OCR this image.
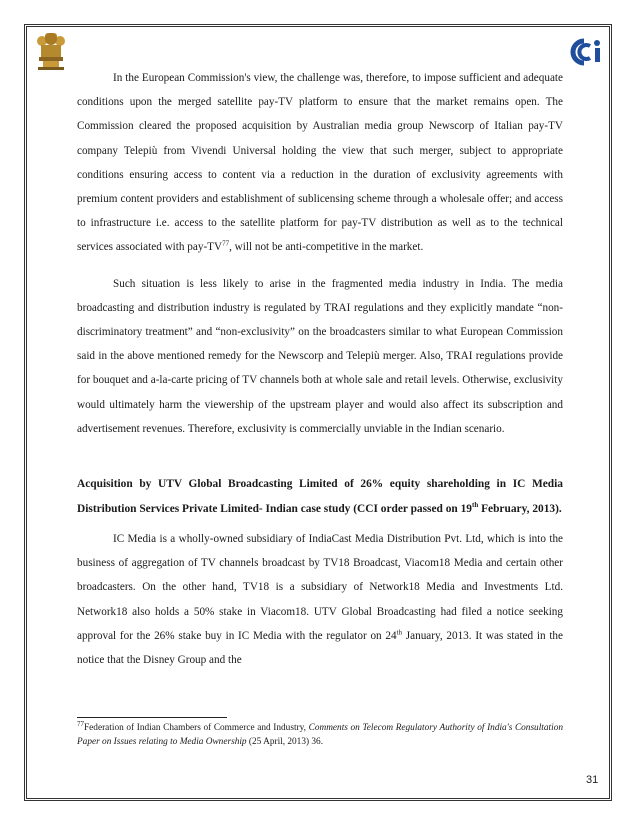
In the European Commission's view, the challenge was, therefore, to impose sufficient and adequate conditions upon the merged satellite pay-TV platform to ensure that the market remains open. The Commission cleared the proposed acquisition by Australian media group Newscorp of Italian pay-TV company Telepiù from Vivendi Universal holding the view that such merger, subject to appropriate conditions ensuring access to content via a reduction in the duration of exclusivity agreements with premium content providers and establishment of sublicensing scheme through a wholesale offer; and access to infrastructure i.e. access to the satellite platform for pay-TV distribution as well as to the technical services associated with pay-TV$^{77}$, will not be anti-competitive in the market.

Such situation is less likely to arise in the fragmented media industry in India. The media broadcasting and distribution industry is regulated by TRAI regulations and they explicitly mandate “non-discriminatory treatment” and “non-exclusivity” on the broadcasters similar to what European Commission said in the above mentioned remedy for the Newscorp and Telepiù merger. Also, TRAI regulations provide for bouquet and a-la-carte pricing of TV channels both at whole sale and retail levels. Otherwise, exclusivity would ultimately harm the viewership of the upstream player and would also affect its subscription and advertisement revenues. Therefore, exclusivity is commercially unviable in the Indian scenario.

Acquisition by UTV Global Broadcasting Limited of 26% equity shareholding in IC Media Distribution Services Private Limited- Indian case study (CCI order passed on 19th February, 2013).

IC Media is a wholly-owned subsidiary of IndiaCast Media Distribution Pvt. Ltd, which is into the business of aggregation of TV channels broadcast by TV18 Broadcast, Viacom18 Media and certain other broadcasters. On the other hand, TV18 is a subsidiary of Network18 Media and Investments Ltd. Network18 also holds a 50% stake in Viacom18. UTV Global Broadcasting had filed a notice seeking approval for the 26% stake buy in IC Media with the regulator on 24th January, 2013. It was stated in the notice that the Disney Group and the

$^{77}$Federation of Indian Chambers of Commerce and Industry, Comments on Telecom Regulatory Authority of India's Consultation Paper on Issues relating to Media Ownership (25 April, 2013) 36.
31
